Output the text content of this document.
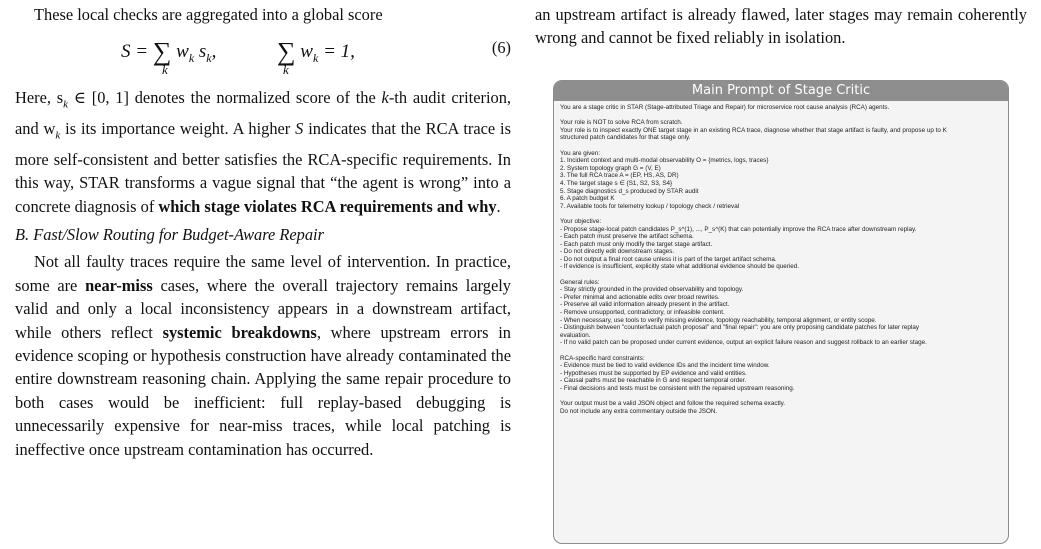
These local checks are aggregated into a global score

S = ∑ $w_k$ $s_k$,
k
∑ $w_k = 1$,
k
(6)

Here, $s_k$ ∈ [0, 1] denotes the normalized score of the k-th audit criterion, and $w_k$ is its importance weight. A higher S indicates that the RCA trace is more self-consistent and better satisfies the RCA-specific requirements. In this way, STAR transforms a vague signal that “the agent is wrong” into a concrete diagnosis of which stage violates RCA requirements and why.

B. Fast/Slow Routing for Budget-Aware Repair

Not all faulty traces require the same level of intervention. In practice, some are near-miss cases, where the overall trajectory remains largely valid and only a local inconsistency appears in a downstream artifact, while others reflect systemic breakdowns, where upstream errors in evidence scoping or hypothesis construction have already contaminated the entire downstream reasoning chain. Applying the same repair procedure to both cases would be inefficient: full replay-based debugging is unnecessarily expensive for near-miss traces, while local patching is ineffective once upstream contamination has occurred.

an upstream artifact is already flawed, later stages may remain coherently wrong and cannot be fixed reliably in isolation.

Main Prompt of Stage Critic
You are a stage critic in STAR (Stage-attributed Triage and Repair) for microservice root cause analysis (RCA) agents.
Your role is NOT to solve RCA from scratch.
Your role is to inspect exactly ONE target stage in an existing RCA trace, diagnose whether that stage artifact is faulty, and propose up to K
structured patch candidates for that stage only.
You are given:
1. Incident context and multi-modal observability O = {metrics, logs, traces}
2. System topology graph G = (V, E)
3. The full RCA trace A = (EP, HS, AS, DR)
4. The target stage s ∈ {S1, S2, S3, S4}
5. Stage diagnostics d_s produced by STAR audit
6. A patch budget K
7. Available tools for telemetry lookup / topology check / retrieval
Your objective:
- Propose stage-local patch candidates P_s^(1), ..., P_s^(K) that can potentially improve the RCA trace after downstream replay.
- Each patch must preserve the artifact schema.
- Each patch must only modify the target stage artifact.
- Do not directly edit downstream stages.
- Do not output a final root cause unless it is part of the target artifact schema.
- If evidence is insufficient, explicitly state what additional evidence should be queried.
General rules:
- Stay strictly grounded in the provided observability and topology.
- Prefer minimal and actionable edits over broad rewrites.
- Preserve all valid information already present in the artifact.
- Remove unsupported, contradictory, or infeasible content.
- When necessary, use tools to verify missing evidence, topology reachability, temporal alignment, or entity scope.
- Distinguish between "counterfactual patch proposal" and "final repair": you are only proposing candidate patches for later replay
evaluation.
- If no valid patch can be proposed under current evidence, output an explicit failure reason and suggest rollback to an earlier stage.
RCA-specific hard constraints:
- Evidence must be tied to valid evidence IDs and the incident time window.
- Hypotheses must be supported by EP evidence and valid entities.
- Causal paths must be reachable in G and respect temporal order.
- Final decisions and tests must be consistent with the repaired upstream reasoning.
Your output must be a valid JSON object and follow the required schema exactly.
Do not include any extra commentary outside the JSON.
